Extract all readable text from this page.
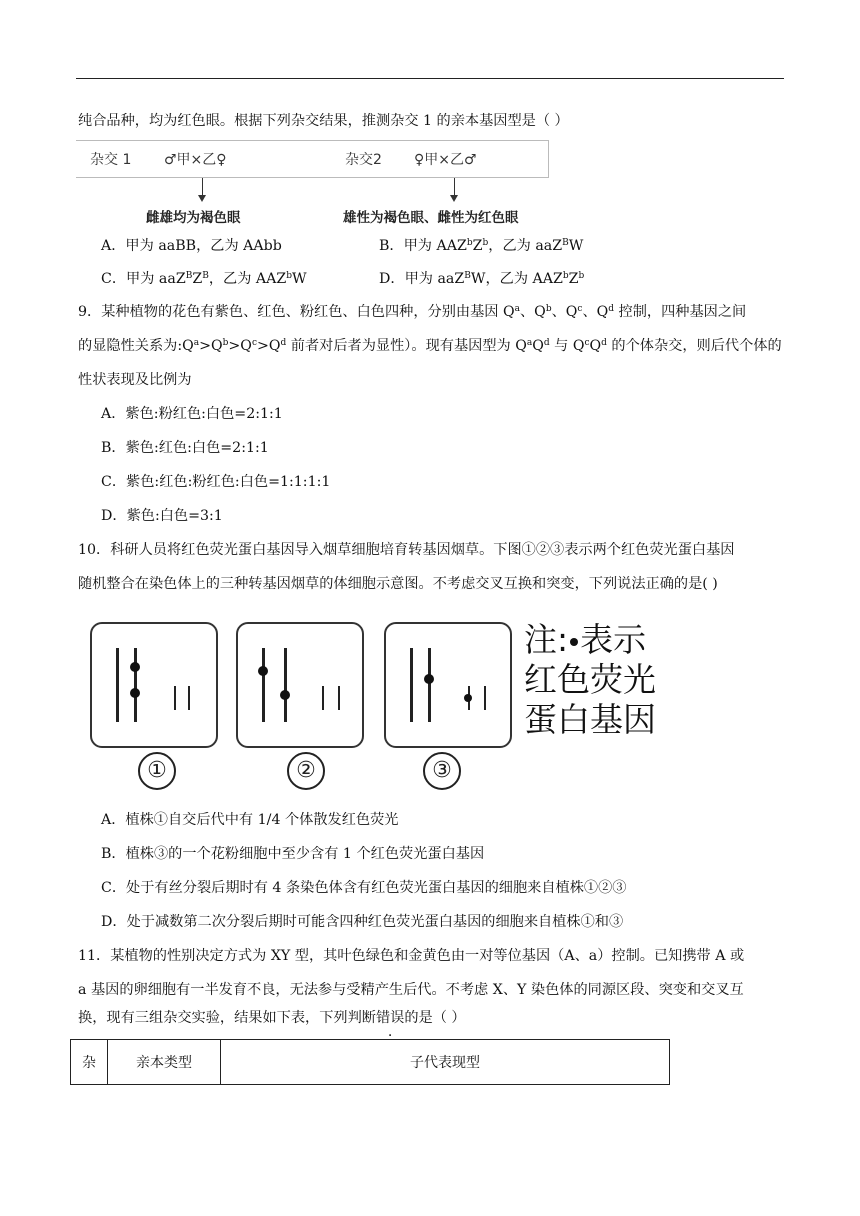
纯合品种，均为红色眼。根据下列杂交结果，推测杂交 1 的亲本基因型是（ ）
杂交 1 ♂甲×乙♀	杂交2 ♀甲×乙♂
雌雄均为褐色眼	雄性为褐色眼、雌性为红色眼
A．甲为 aaBB，乙为 AAbb	B．甲为 $AAZ^bZ^b$，乙为 aaZ$^B$W
C．甲为 $aaZ^BZ^B$，乙为 AAZ$^b$W	D．甲为 aaZ$^B$W，乙为 $AAZ^bZ^b$
9．某种植物的花色有紫色、红色、粉红色、白色四种，分别由基因 $Q^a$、$Q^b$、$Q^c$、$Q^d$ 控制，四种基因之间
的显隐性关系为$:Q^a>Q^b>Q^c>Q^d$ 前者对后者为显性）。现有基因型为 $Q^aQ^d$ 与 $Q^cQ^d$ 的个体杂交，则后代个体的
性状表现及比例为
A．紫色:粉红色:白色=2:1:1
B．紫色:红色:白色=2:1:1
C．紫色:红色:粉红色:白色=1:1:1:1
D．紫色:白色=3:1
10．科研人员将红色荧光蛋白基因导入烟草细胞培育转基因烟草。下图①②③表示两个红色荧光蛋白基因
随机整合在染色体上的三种转基因烟草的体细胞示意图。不考虑交叉互换和突变，下列说法正确的是( )
①	②	③
注: 表示
红色荧光
蛋白基因
A．植株①自交后代中有 1/4 个体散发红色荧光
B．植株③的一个花粉细胞中至少含有 1 个红色荧光蛋白基因
C．处于有丝分裂后期时有 4 条染色体含有红色荧光蛋白基因的细胞来自植株①②③
D．处于减数第二次分裂后期时可能含四种红色荧光蛋白基因的细胞来自植株①和③
11．某植物的性别决定方式为 XY 型，其叶色绿色和金黄色由一对等位基因（A、a）控制。已知携带 A 或
a 基因的卵细胞有一半发育不良，无法参与受精产生后代。不考虑 X、Y 染色体的同源区段、突变和交叉互
换，现有三组杂交实验，结果如下表，下列判断错误的是（ ）
杂	亲本类型	子代表现型
